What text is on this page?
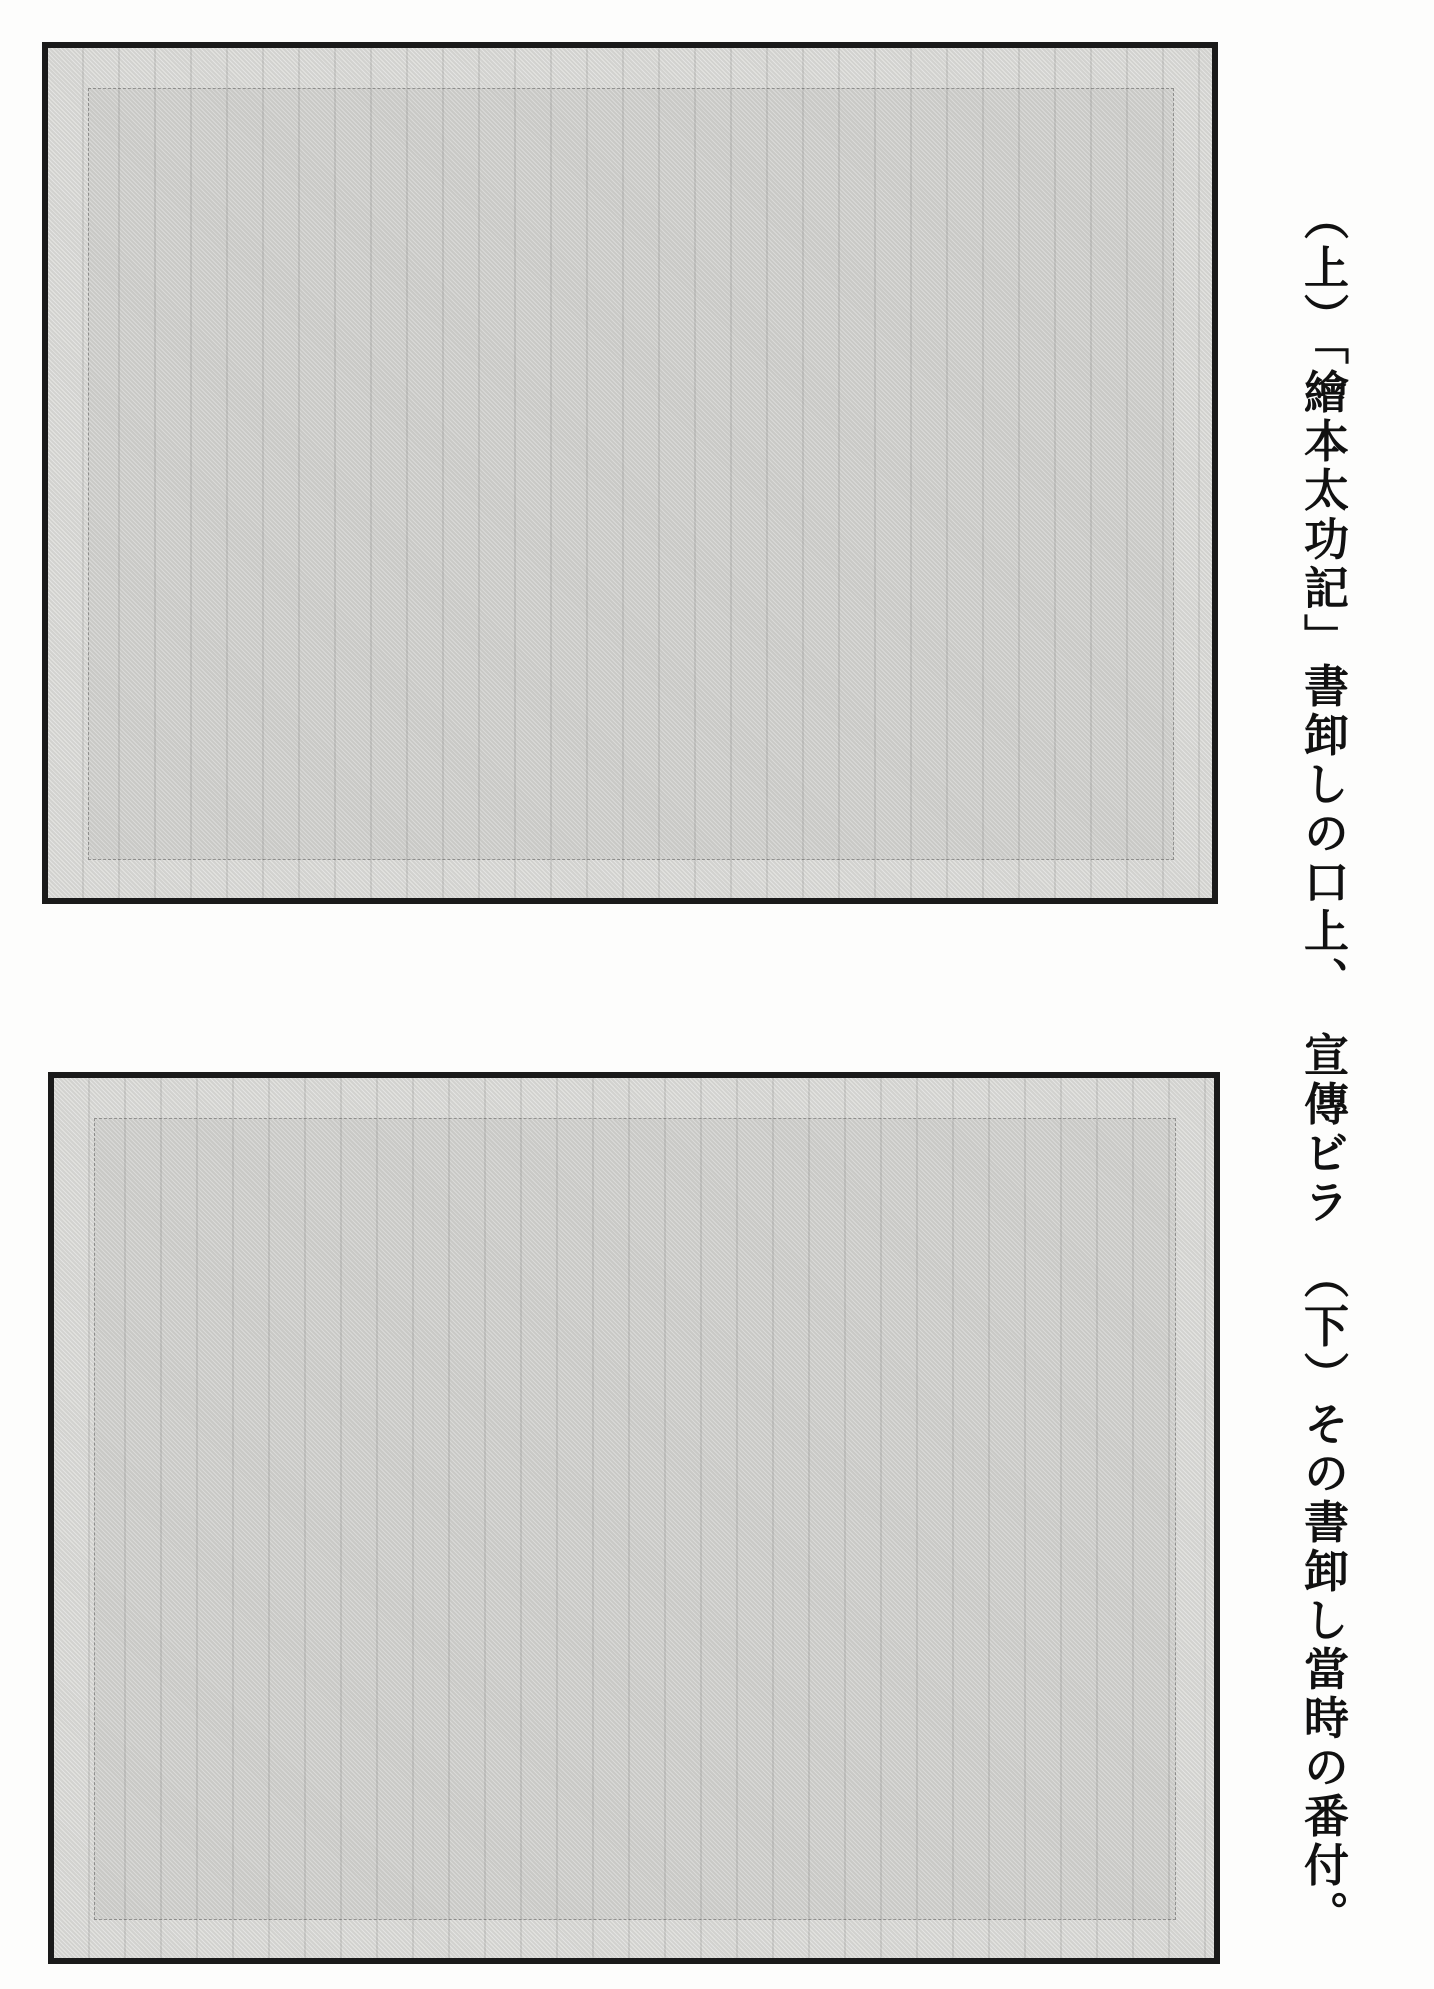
（上）「繪本太功記」書卸しの口上、宣傳ビラ（下）その書卸し當時の番付。
